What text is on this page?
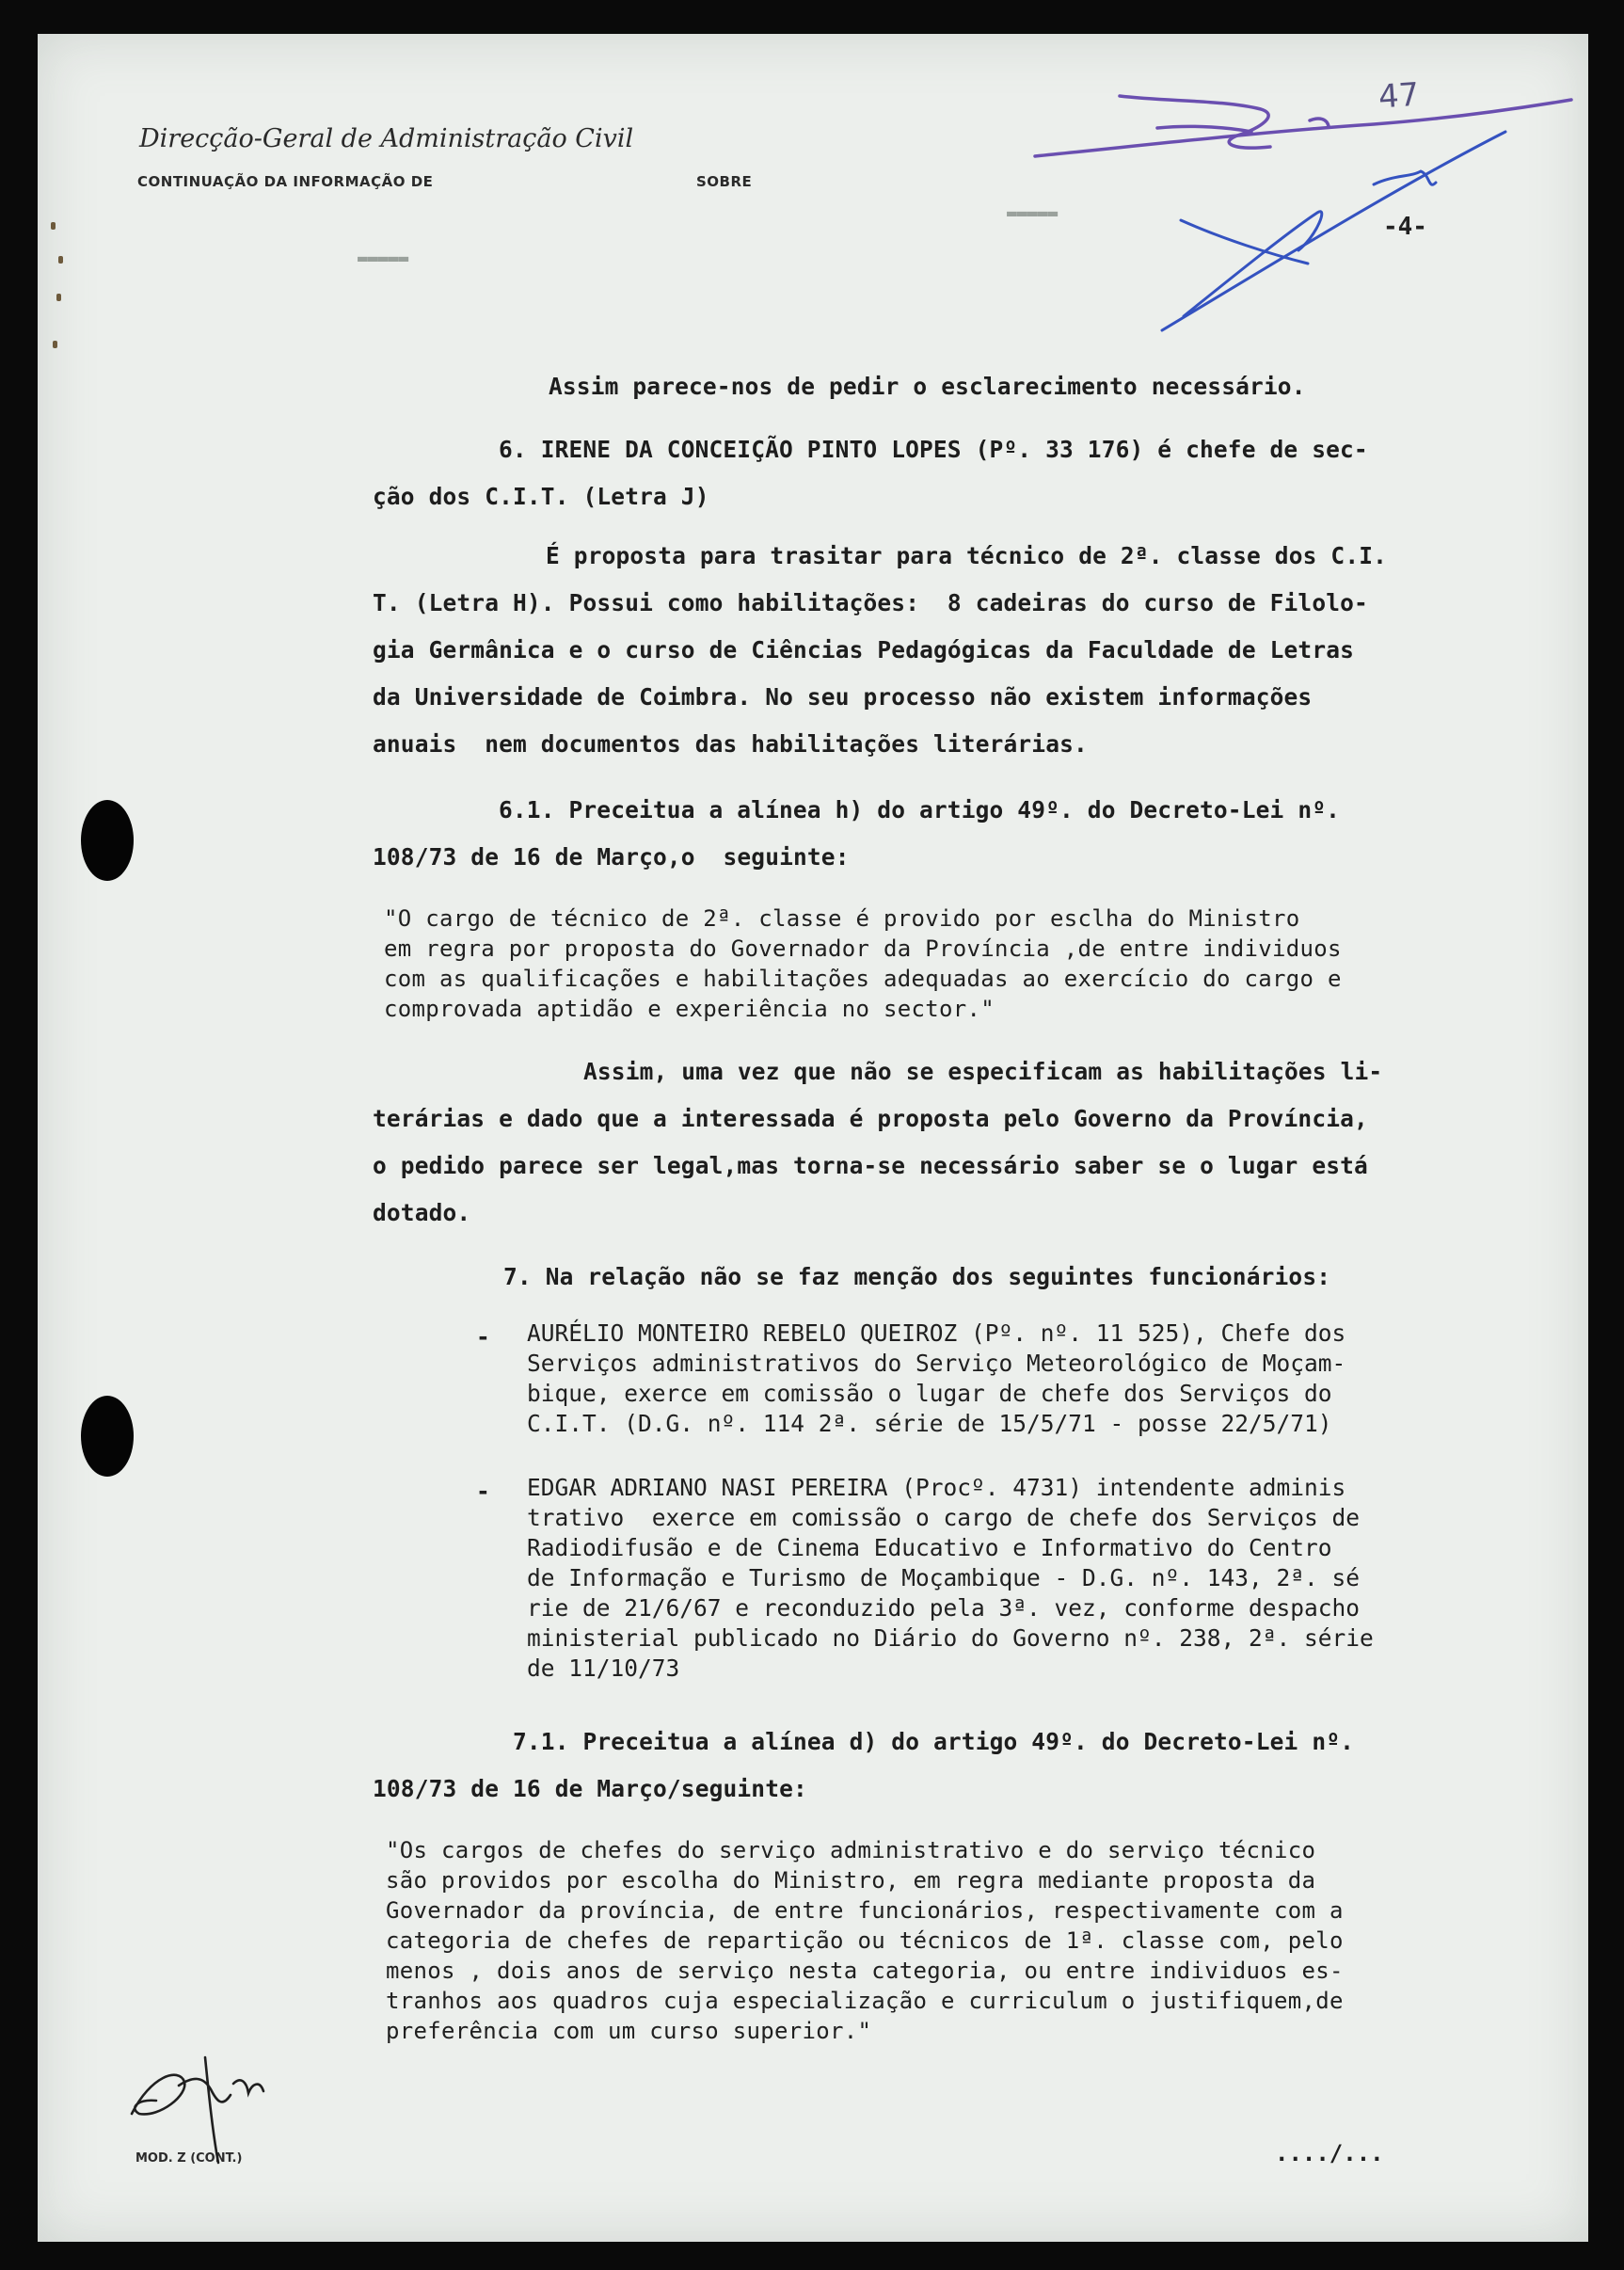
▬▬▬▬▬
▬▬▬▬▬
Direcção-Geral de Administração Civil
CONTINUAÇÃO DA INFORMAÇÃO DE	SOBRE
47
-4-
Assim parece-nos de pedir o esclarecimento necessário.
6. IRENE DA CONCEIÇÃO PINTO LOPES (Pº. 33 176) é chefe de sec-
ção dos C.I.T. (Letra J)
É proposta para trasitar para técnico de 2ª. classe dos C.I.
T. (Letra H). Possui como habilitações:  8 cadeiras do curso de Filolo-
gia Germânica e o curso de Ciências Pedagógicas da Faculdade de Letras
da Universidade de Coimbra. No seu processo não existem informações
anuais  nem documentos das habilitações literárias.
6.1. Preceitua a alínea h) do artigo 49º. do Decreto-Lei nº.
108/73 de 16 de Março,o  seguinte:
"O cargo de técnico de 2ª. classe é provido por esclha do Ministro
em regra por proposta do Governador da Província ,de entre individuos
com as qualificações e habilitações adequadas ao exercício do cargo e
comprovada aptidão e experiência no sector."
Assim, uma vez que não se especificam as habilitações li-
terárias e dado que a interessada é proposta pelo Governo da Província,
o pedido parece ser legal,mas torna-se necessário saber se o lugar está
dotado.
7. Na relação não se faz menção dos seguintes funcionários:
- AURÉLIO MONTEIRO REBELO QUEIROZ (Pº. nº. 11 525), Chefe dos
Serviços administrativos do Serviço Meteorológico de Moçam-
bique, exerce em comissão o lugar de chefe dos Serviços do
C.I.T. (D.G. nº. 114 2ª. série de 15/5/71 - posse 22/5/71)
- EDGAR ADRIANO NASI PEREIRA (Procº. 4731) intendente adminis
trativo  exerce em comissão o cargo de chefe dos Serviços de
Radiodifusão e de Cinema Educativo e Informativo do Centro
de Informação e Turismo de Moçambique - D.G. nº. 143, 2ª. sé
rie de 21/6/67 e reconduzido pela 3ª. vez, conforme despacho
ministerial publicado no Diário do Governo nº. 238, 2ª. série
de 11/10/73
7.1. Preceitua a alínea d) do artigo 49º. do Decreto-Lei nº.
108/73 de 16 de Março/seguinte:
"Os cargos de chefes do serviço administrativo e do serviço técnico
são providos por escolha do Ministro, em regra mediante proposta da
Governador da província, de entre funcionários, respectivamente com a
categoria de chefes de repartição ou técnicos de 1ª. classe com, pelo
menos , dois anos de serviço nesta categoria, ou entre individuos es-
tranhos aos quadros cuja especialização e curriculum o justifiquem,de
preferência com um curso superior."
MOD. Z (CONT.)	..../...
